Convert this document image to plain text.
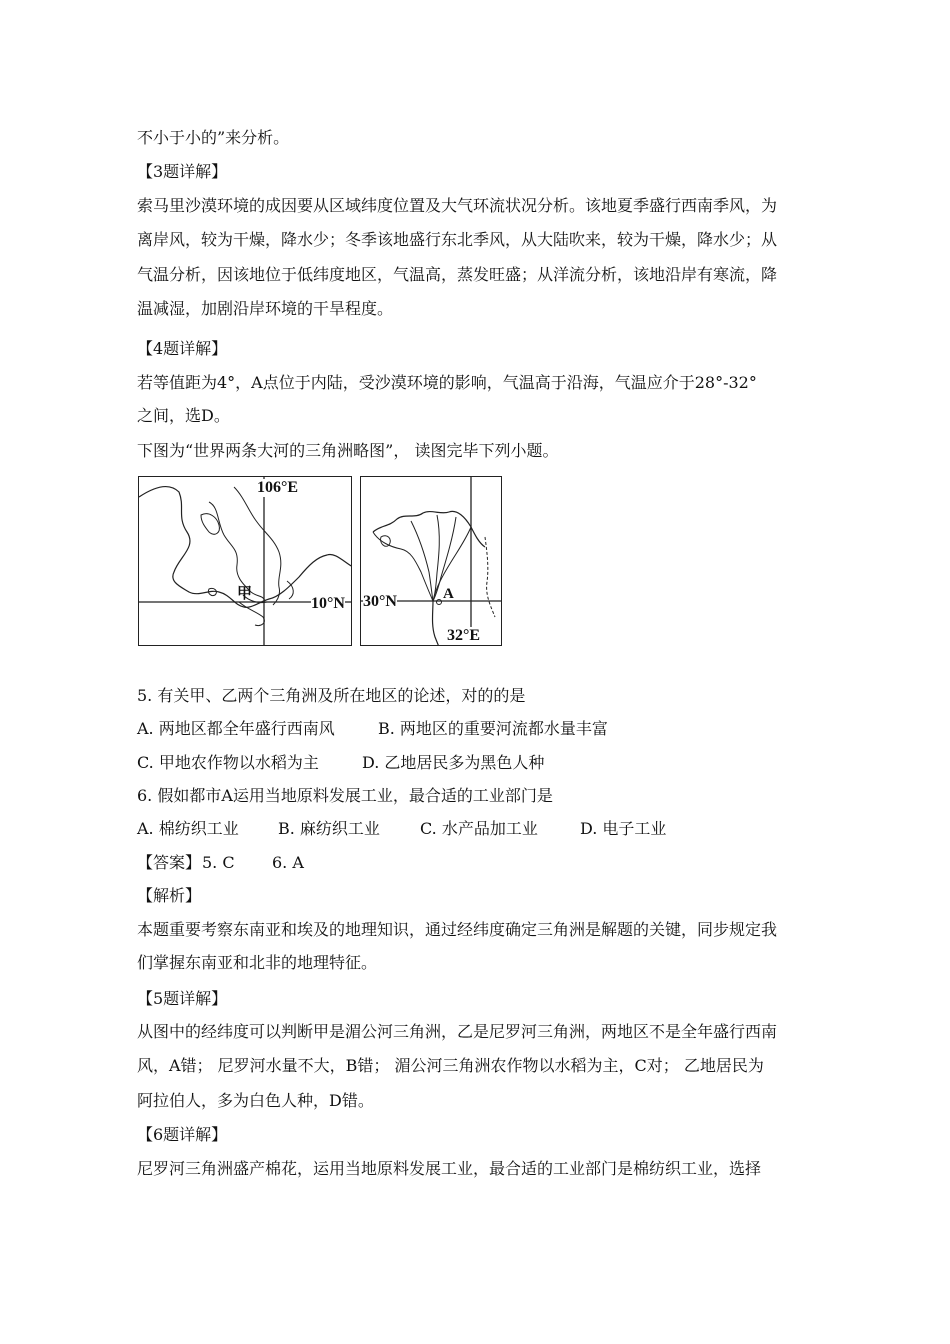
不小于小的”来分析。
【3题详解】
索马里沙漠环境的成因要从区域纬度位置及大气环流状况分析。该地夏季盛行西南季风，为
离岸风，较为干燥，降水少；冬季该地盛行东北季风，从大陆吹来，较为干燥，降水少；从
气温分析，因该地位于低纬度地区，气温高，蒸发旺盛；从洋流分析，该地沿岸有寒流，降
温减湿，加剧沿岸环境的干旱程度。
【4题详解】
若等值距为4°，A点位于内陆，受沙漠环境的影响，气温高于沿海，气温应介于28°-32°
之间，选D。
下图为“世界两条大河的三角洲略图”， 读图完毕下列小题。
106°E
10°N
甲	30°N	A
32°E
5. 有关甲、乙两个三角洲及所在地区的论述，对的的是
A. 两地区都全年盛行西南风	B. 两地区的重要河流都水量丰富
C. 甲地农作物以水稻为主	D. 乙地居民多为黑色人种
6. 假如都市A运用当地原料发展工业，最合适的工业部门是
A. 棉纺织工业 B. 麻纺织工业	C. 水产品加工业	D. 电子工业
【答案】 5. C 6. A
【解析】
本题重要考察东南亚和埃及的地理知识，通过经纬度确定三角洲是解题的关键，同步规定我
们掌握东南亚和北非的地理特征。
【5题详解】
从图中的经纬度可以判断甲是湄公河三角洲，乙是尼罗河三角洲，两地区不是全年盛行西南
风，A错； 尼罗河水量不大，B错； 湄公河三角洲农作物以水稻为主，C对； 乙地居民为
阿拉伯人，多为白色人种，D错。
【6题详解】
尼罗河三角洲盛产棉花，运用当地原料发展工业，最合适的工业部门是棉纺织工业，选择
